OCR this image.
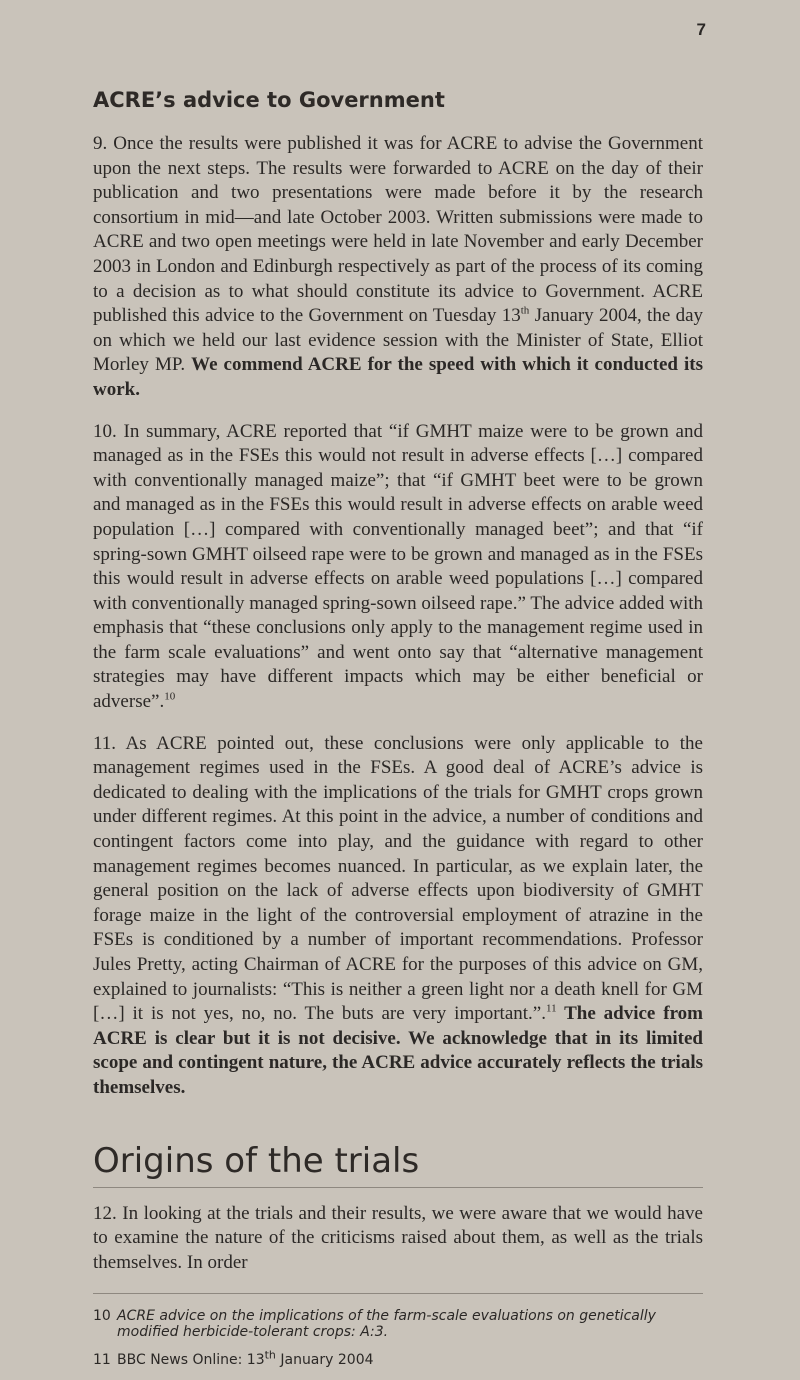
7
ACRE’s advice to Government

9. Once the results were published it was for ACRE to advise the Government upon the next steps. The results were forwarded to ACRE on the day of their publication and two presentations were made before it by the research consortium in mid—and late October 2003. Written submissions were made to ACRE and two open meetings were held in late November and early December 2003 in London and Edinburgh respectively as part of the process of its coming to a decision as to what should constitute its advice to Government. ACRE published this advice to the Government on Tuesday 13th January 2004, the day on which we held our last evidence session with the Minister of State, Elliot Morley MP. We commend ACRE for the speed with which it conducted its work.

10. In summary, ACRE reported that “if GMHT maize were to be grown and managed as in the FSEs this would not result in adverse effects […] compared with conventionally managed maize”; that “if GMHT beet were to be grown and managed as in the FSEs this would result in adverse effects on arable weed population […] compared with conventionally managed beet”; and that “if spring-sown GMHT oilseed rape were to be grown and managed as in the FSEs this would result in adverse effects on arable weed populations […] compared with conventionally managed spring-sown oilseed rape.” The advice added with emphasis that “these conclusions only apply to the management regime used in the farm scale evaluations” and went onto say that “alternative management strategies may have different impacts which may be either beneficial or adverse”.$^{10}$

11. As ACRE pointed out, these conclusions were only applicable to the management regimes used in the FSEs. A good deal of ACRE’s advice is dedicated to dealing with the implications of the trials for GMHT crops grown under different regimes. At this point in the advice, a number of conditions and contingent factors come into play, and the guidance with regard to other management regimes becomes nuanced. In particular, as we explain later, the general position on the lack of adverse effects upon biodiversity of GMHT forage maize in the light of the controversial employment of atrazine in the FSEs is conditioned by a number of important recommendations. Professor Jules Pretty, acting Chairman of ACRE for the purposes of this advice on GM, explained to journalists: “This is neither a green light nor a death knell for GM […] it is not yes, no, no. The buts are very important.”.$^{11}$ The advice from ACRE is clear but it is not decisive. We acknowledge that in its limited scope and contingent nature, the ACRE advice accurately reflects the trials themselves.

Origins of the trials

12. In looking at the trials and their results, we were aware that we would have to examine the nature of the criticisms raised about them, as well as the trials themselves. In order

10 ACRE advice on the implications of the farm-scale evaluations on genetically modified herbicide-tolerant crops: A:3.
11 BBC News Online: 13th January 2004
